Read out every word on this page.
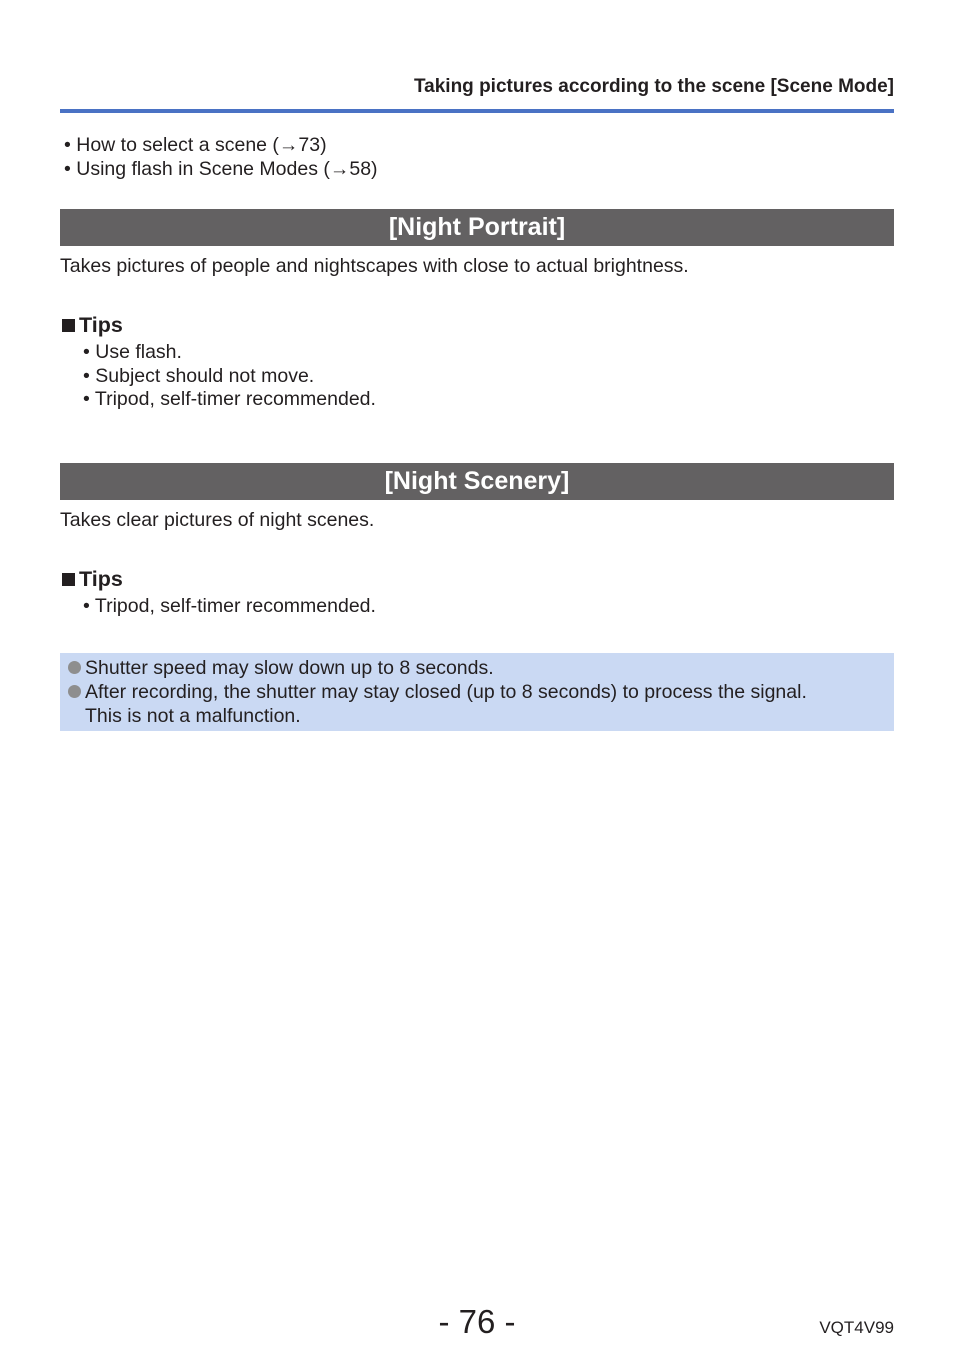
Taking pictures according to the scene [Scene Mode]
• How to select a scene (→73)
• Using flash in Scene Modes (→58)
[Night Portrait]
Takes pictures of people and nightscapes with close to actual brightness.
Tips
• Use flash.
• Subject should not move.
• Tripod, self-timer recommended.
[Night Scenery]
Takes clear pictures of night scenes.
Tips
• Tripod, self-timer recommended.
Shutter speed may slow down up to 8 seconds.
After recording, the shutter may stay closed (up to 8 seconds) to process the signal.
This is not a malfunction.
- 76 -	VQT4V99
